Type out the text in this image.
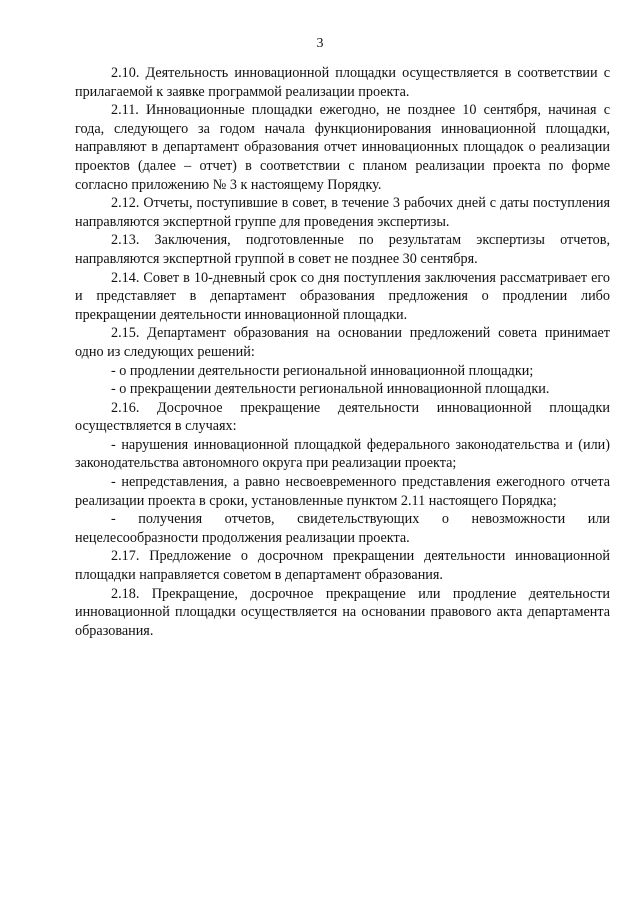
3

2.10. Деятельность инновационной площадки осуществляется в соответствии с прилагаемой к заявке программой реализации проекта.

2.11. Инновационные площадки ежегодно, не позднее 10 сентября, начиная с года, следующего за годом начала функционирования инновационной площадки, направляют в департамент образования отчет инновационных площадок о реализации проектов (далее – отчет) в соответствии с планом реализации проекта по форме согласно приложению № 3 к настоящему Порядку.

2.12. Отчеты, поступившие в совет, в течение 3 рабочих дней с даты поступления направляются экспертной группе для проведения экспертизы.

2.13. Заключения, подготовленные по результатам экспертизы отчетов, направляются экспертной группой в совет не позднее 30 сентября.

2.14. Совет в 10-дневный срок со дня поступления заключения рассматривает его и представляет в департамент образования предложения о продлении либо прекращении деятельности инновационной площадки.

2.15. Департамент образования на основании предложений совета принимает одно из следующих решений:

- о продлении деятельности региональной инновационной площадки;

- о прекращении деятельности региональной инновационной площадки.

2.16. Досрочное прекращение деятельности инновационной площадки осуществляется в случаях:

- нарушения инновационной площадкой федерального законодательства и (или) законодательства автономного округа при реализации проекта;

- непредставления, а равно несвоевременного представления ежегодного отчета реализации проекта в сроки, установленные пунктом 2.11 настоящего Порядка;

- получения отчетов, свидетельствующих о невозможности или нецелесообразности продолжения реализации проекта.

2.17. Предложение о досрочном прекращении деятельности инновационной площадки направляется советом в департамент образования.

2.18. Прекращение, досрочное прекращение или продление деятельности инновационной площадки осуществляется на основании правового акта департамента образования.
